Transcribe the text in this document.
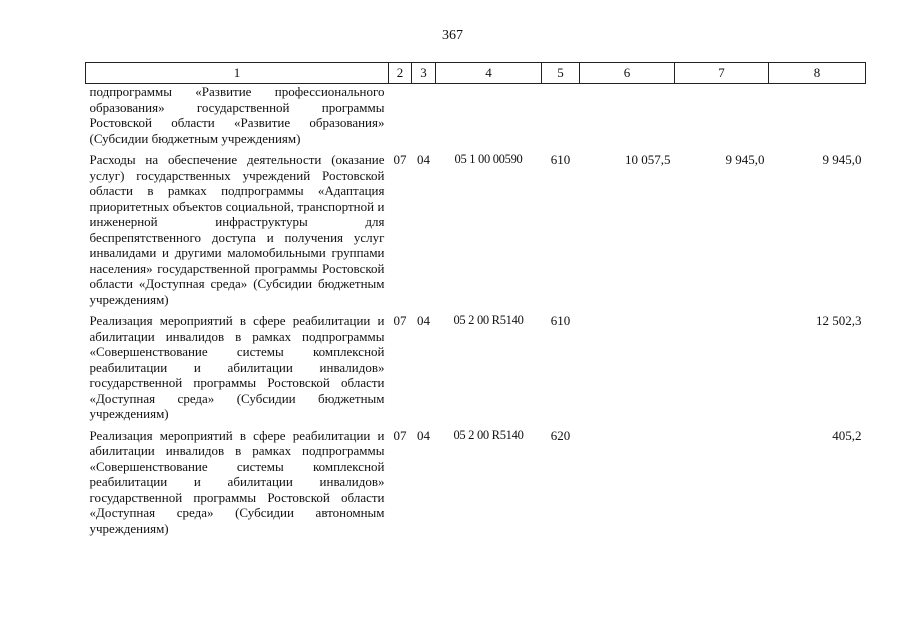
367
1	2	3	4	5	6	7	8
подпрограммы «Развитие профессионального образования» государственной программы Ростовской области «Развитие образования» (Субсидии бюджетным учреждениям)							
Расходы на обеспечение деятельности (оказание услуг) государственных учреждений Ростовской области в рамках подпрограммы «Адаптация приоритетных объектов социальной, транспортной и инженерной инфраструктуры для беспрепятственного доступа и получения услуг инвалидами и другими маломобильными группами населения» государственной программы Ростовской области «Доступная среда» (Субсидии бюджетным учреждениям)	07	04	05 1 00 00590	610	10 057,5	9 945,0	9 945,0
Реализация мероприятий в сфере реабилитации и абилитации инвалидов в рамках подпрограммы «Совершенствование системы комплексной реабилитации и абилитации инвалидов» государственной программы Ростовской области «Доступная среда» (Субсидии бюджетным учреждениям)	07	04	05 2 00 R5140	610			12 502,3
Реализация мероприятий в сфере реабилитации и абилитации инвалидов в рамках подпрограммы «Совершенствование системы комплексной реабилитации и абилитации инвалидов» государственной программы Ростовской области «Доступная среда» (Субсидии автономным учреждениям)	07	04	05 2 00 R5140	620			405,2
